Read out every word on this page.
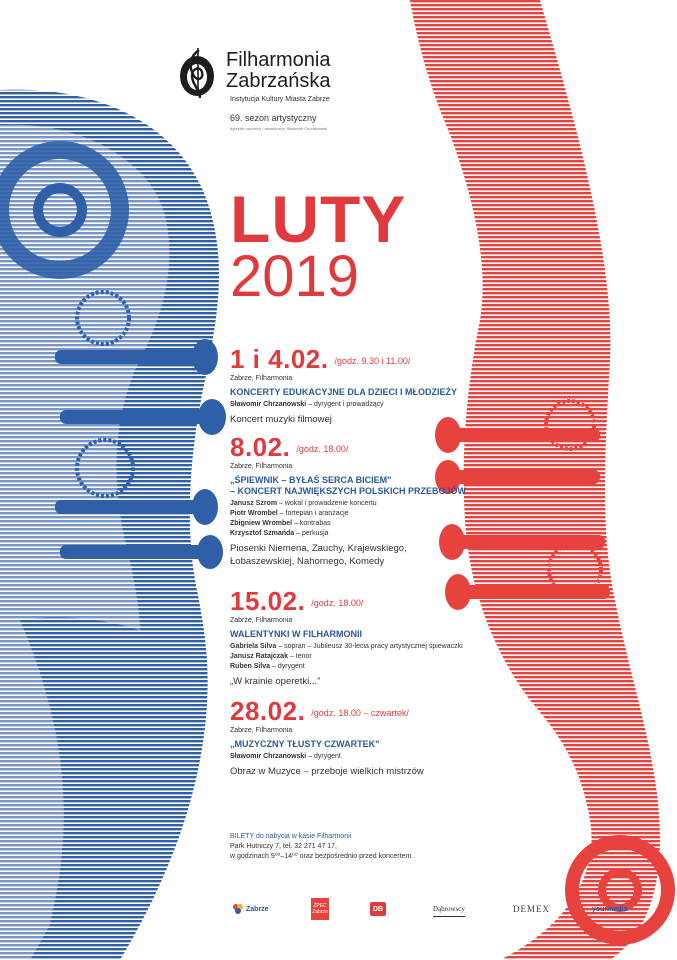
Filharmonia
Zabrzańska
Instytucja Kultury Miasta Zabrze
69. sezon artystyczny
dyrektor naczelny i artystyczny: Sławomir Chrzanowski
LUTY
2019
1 i 4.02. $^{/godz. 9.30 i 11.00/}$
Zabrze, Filharmonia
KONCERTY EDUKACYJNE DLA DZIECI I MŁODZIEŻY
Sławomir Chrzanowski – dyrygent i prowadzący
Koncert muzyki filmowej
8.02. $^{/godz. 18.00/}$
Zabrze, Filharmonia
„ŚPIEWNIK – BYŁAŚ SERCA BICIEM"
– KONCERT NAJWIĘKSZYCH POLSKICH PRZEBOJÓW
Janusz Szrom – wokal i prowadzenie koncertu
Piotr Wrombel – fortepian i aranżacje
Zbigniew Wrombel – kontrabas
Krzysztof Szmańda – perkusja
Piosenki Niemena, Zauchy, Krajewskiego,
Łobaszewskiej, Nahornego, Komedy
15.02. $^{/godz. 18.00/}$
Zabrze, Filharmonia
WALENTYNKI W FILHARMONII
Gabriela Silva – sopran – Jubileusz 30-lecia pracy artystycznej śpiewaczki
Janusz Ratajczak – tenor
Ruben Silva – dyrygent
„W krainie operetki..."
28.02. $^{/godz. 18.00 - czwartek/}$
Zabrze, Filharmonia
„MUZYCZNY TŁUSTY CZWARTEK"
Sławomir Chrzanowski – dyrygent
Obraz w Muzyce – przeboje wielkich mistrzów
BILETY do nabycia w kasie Filharmonii
Park Hutniczy 7, tel. 32 271 47 17,
w godzinach 9⁰⁰–14⁰⁰ oraz bezpośrednio przed koncertem.
Zabrze	ZPEC Zabrze	DB	Dąbrowscy	DEMEX	yourmedia
